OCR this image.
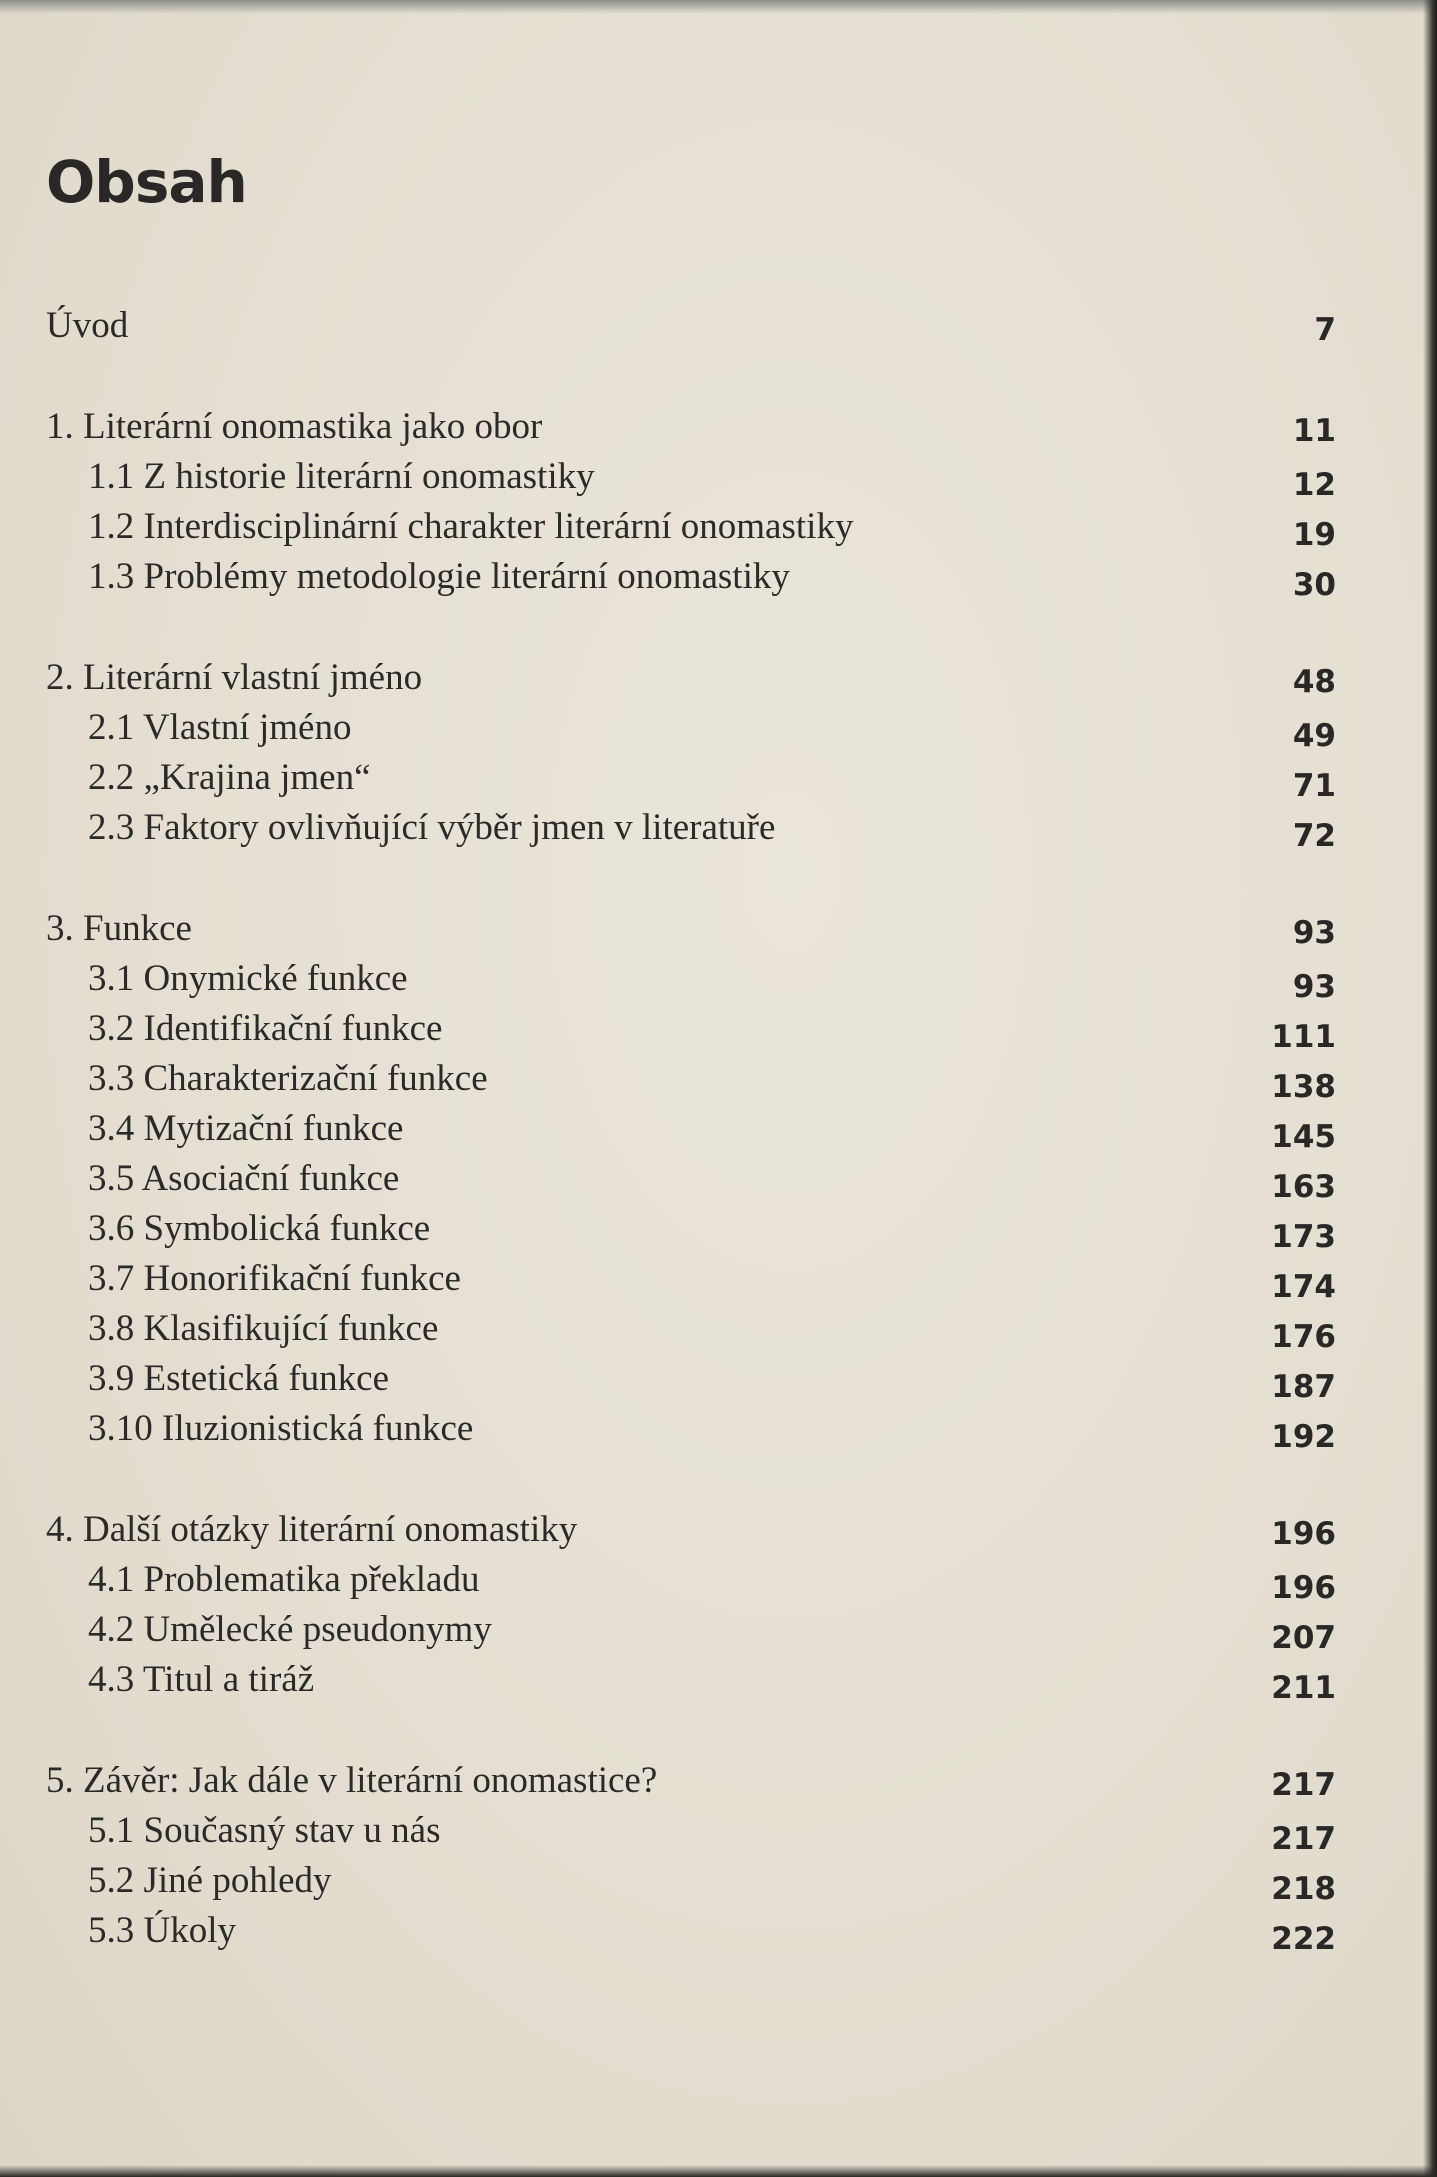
Obsah
Úvod	7
1. Literární onomastika jako obor	11
1.1 Z historie literární onomastiky	12
1.2 Interdisciplinární charakter literární onomastiky	19
1.3 Problémy metodologie literární onomastiky	30
2. Literární vlastní jméno	48
2.1 Vlastní jméno	49
2.2 „Krajina jmen“	71
2.3 Faktory ovlivňující výběr jmen v literatuře	72
3. Funkce	93
3.1 Onymické funkce	93
3.2 Identifikační funkce	111
3.3 Charakterizační funkce	138
3.4 Mytizační funkce	145
3.5 Asociační funkce	163
3.6 Symbolická funkce	173
3.7 Honorifikační funkce	174
3.8 Klasifikující funkce	176
3.9 Estetická funkce	187
3.10 Iluzionistická funkce	192
4. Další otázky literární onomastiky	196
4.1 Problematika překladu	196
4.2 Umělecké pseudonymy	207
4.3 Titul a tiráž	211
5. Závěr: Jak dále v literární onomastice?	217
5.1 Současný stav u nás	217
5.2 Jiné pohledy	218
5.3 Úkoly	222
